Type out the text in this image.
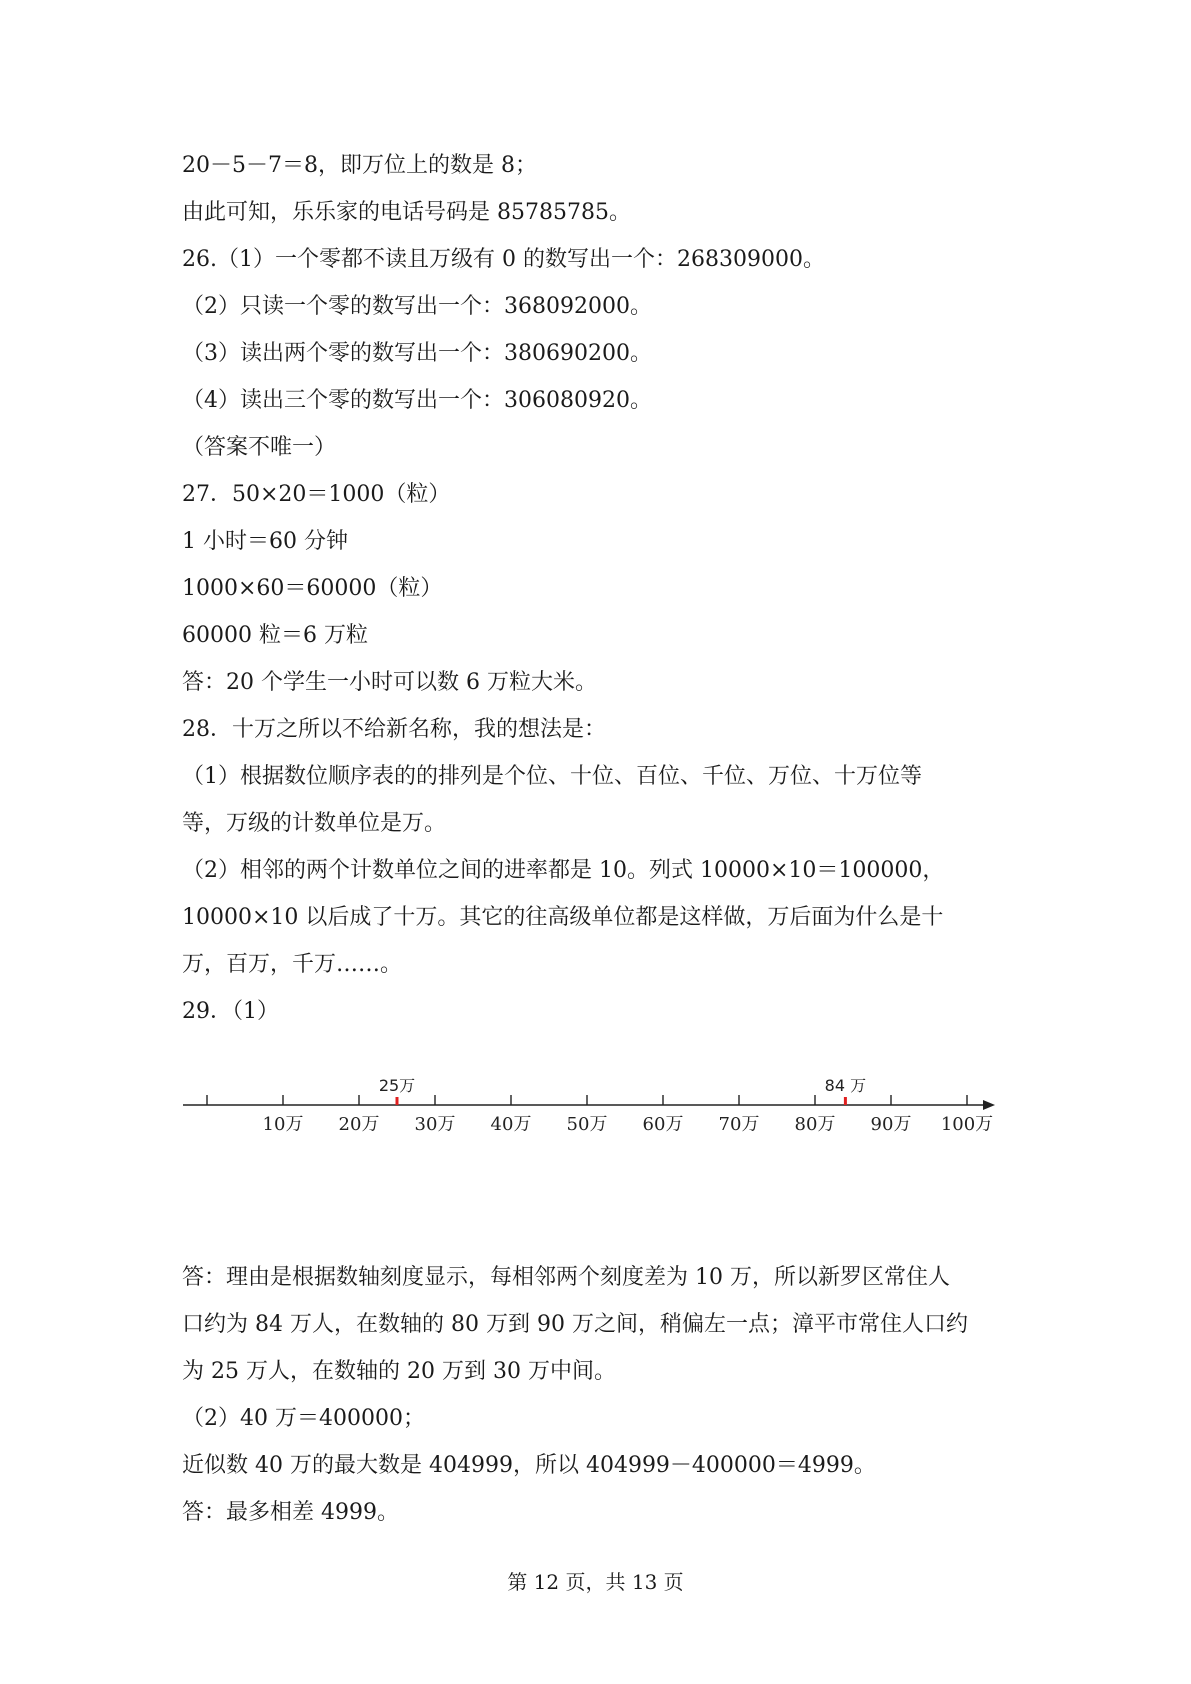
20－5－7＝8，即万位上的数是 8；
由此可知，乐乐家的电话号码是 85785785。
26.（1）一个零都不读且万级有 0 的数写出一个：268309000。
（2）只读一个零的数写出一个：368092000。
（3）读出两个零的数写出一个：380690200。
（4）读出三个零的数写出一个：306080920。
（答案不唯一）
27．50×20＝1000（粒）
1 小时＝60 分钟
1000×60＝60000（粒）
60000 粒＝6 万粒
答：20 个学生一小时可以数 6 万粒大米。
28．十万之所以不给新名称，我的想法是：
（1）根据数位顺序表的的排列是个位、十位、百位、千位、万位、十万位等
等，万级的计数单位是万。
（2）相邻的两个计数单位之间的进率都是 10。列式 10000×10＝100000，
10000×10 以后成了十万。其它的往高级单位都是这样做，万后面为什么是十
万，百万，千万……。
29．（1）
10万 20万 30万 40万 50万 60万 70万 80万 90万 100万
25万	84 万
答：理由是根据数轴刻度显示，每相邻两个刻度差为 10 万，所以新罗区常住人
口约为 84 万人，在数轴的 80 万到 90 万之间，稍偏左一点；漳平市常住人口约
为 25 万人，在数轴的 20 万到 30 万中间。
（2）40 万＝400000；
近似数 40 万的最大数是 404999，所以 404999－400000＝4999。
答：最多相差 4999。
第 12 页，共 13 页
